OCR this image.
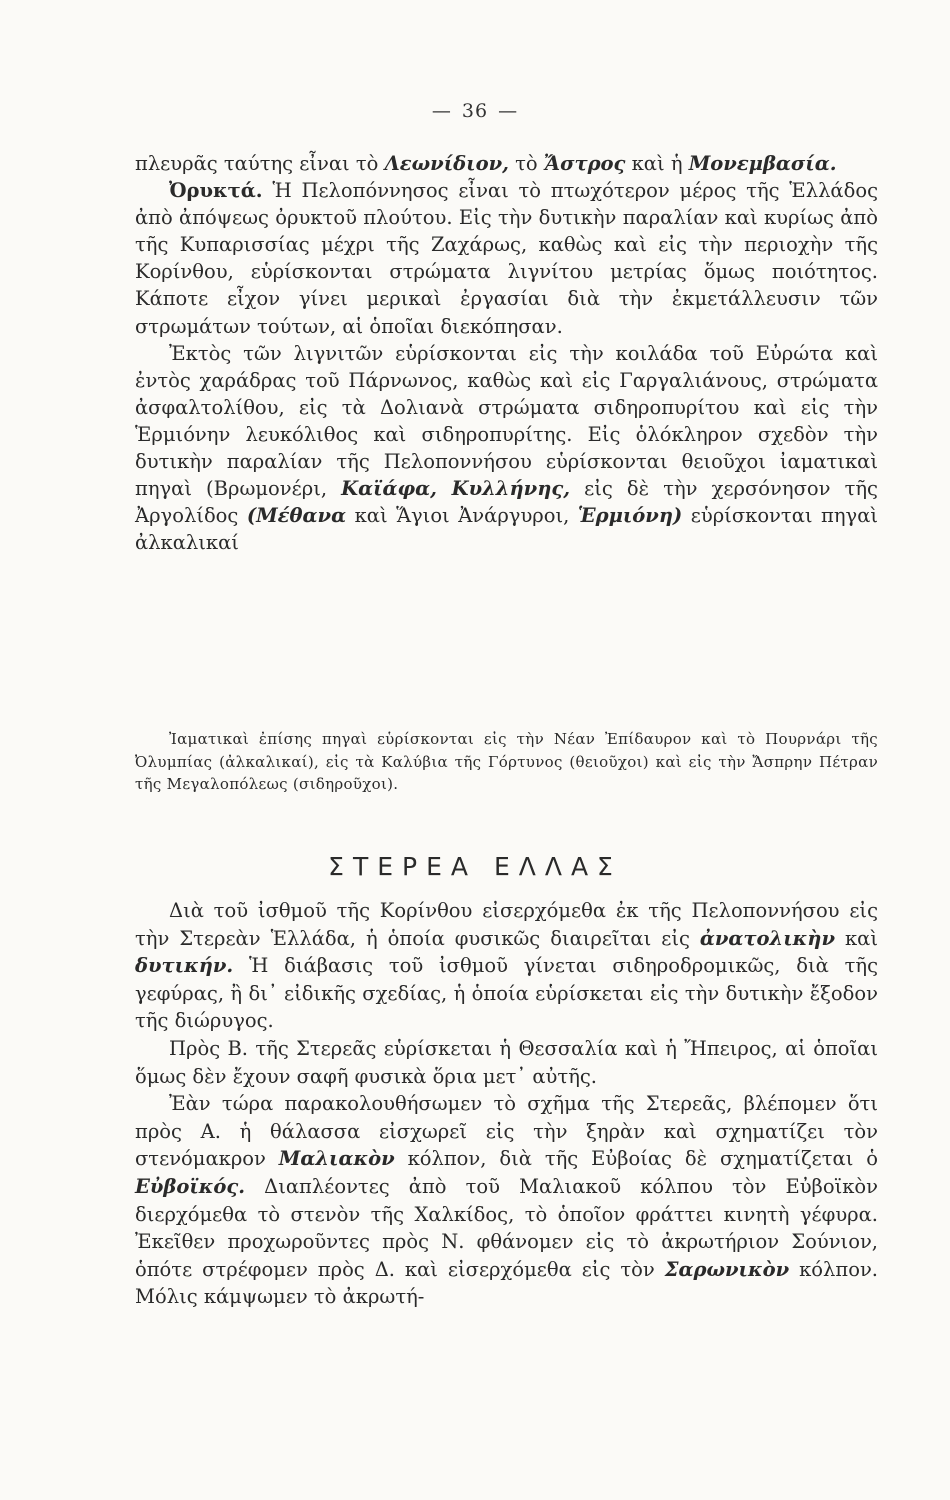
— 36 —

πλευρᾶς ταύτης εἶναι τὸ Λεωνίδιον, τὸ Ἄστρος καὶ ἡ Μονεμβασία.

Ὀρυκτά. Ἡ Πελοπόννησος εἶναι τὸ πτωχότερον μέρος τῆς Ἑλλάδος ἀπὸ ἀπόψεως ὀρυκτοῦ πλούτου. Εἰς τὴν δυτικὴν παραλίαν καὶ κυρίως ἀπὸ τῆς Κυπαρισσίας μέχρι τῆς Ζαχάρως, καθὼς καὶ εἰς τὴν περιοχὴν τῆς Κορίνθου, εὑρίσκονται στρώματα λιγνίτου μετρίας ὅμως ποιότητος. Κάποτε εἶχον γίνει μερικαὶ ἐργασίαι διὰ τὴν ἐκμετάλλευσιν τῶν στρωμάτων τούτων, αἱ ὁποῖαι διεκόπησαν.

Ἐκτὸς τῶν λιγνιτῶν εὑρίσκονται εἰς τὴν κοιλάδα τοῦ Εὐρώτα καὶ ἐντὸς χαράδρας τοῦ Πάρνωνος, καθὼς καὶ εἰς Γαργαλιάνους, στρώματα ἀσφαλτολίθου, εἰς τὰ Δολιανὰ στρώματα σιδηροπυρίτου καὶ εἰς τὴν Ἑρμιόνην λευκόλιθος καὶ σιδηροπυρίτης. Εἰς ὁλόκληρον σχεδὸν τὴν δυτικὴν παραλίαν τῆς Πελοποννήσου εὑρίσκονται θειοῦχοι ἰαματικαὶ πηγαὶ (Βρωμονέρι, Καϊάφα, Κυλλήνης, εἰς δὲ τὴν χερσόνησον τῆς Ἀργολίδος (Μέθανα καὶ Ἅγιοι Ἀνάργυροι, Ἑρμιόνη) εὑρίσκονται πηγαὶ ἀλκαλικαί

Ἰαματικαὶ ἐπίσης πηγαὶ εὑρίσκονται εἰς τὴν Νέαν Ἐπίδαυρον καὶ τὸ Πουρνάρι τῆς Ὀλυμπίας (ἀλκαλικαί), εἰς τὰ Καλύβια τῆς Γόρτυνος (θειοῦχοι) καὶ εἰς τὴν Ἄσπρην Πέτραν τῆς Μεγαλοπόλεως (σιδηροῦχοι).

ΣΤΕΡΕΑ ΕΛΛΑΣ

Διὰ τοῦ ἰσθμοῦ τῆς Κορίνθου εἰσερχόμεθα ἐκ τῆς Πελοποννήσου εἰς τὴν Στερεὰν Ἑλλάδα, ἡ ὁποία φυσικῶς διαιρεῖται εἰς ἀνατολικὴν καὶ δυτικήν. Ἡ διάβασις τοῦ ἰσθμοῦ γίνεται σιδηροδρομικῶς, διὰ τῆς γεφύρας, ἢ δι᾿ εἰδικῆς σχεδίας, ἡ ὁποία εὑρίσκεται εἰς τὴν δυτικὴν ἔξοδον τῆς διώρυγος.

Πρὸς Β. τῆς Στερεᾶς εὑρίσκεται ἡ Θεσσαλία καὶ ἡ Ἤπειρος, αἱ ὁποῖαι ὅμως δὲν ἔχουν σαφῆ φυσικὰ ὅρια μετ᾿ αὐτῆς.

Ἐὰν τώρα παρακολουθήσωμεν τὸ σχῆμα τῆς Στερεᾶς, βλέπομεν ὅτι πρὸς Α. ἡ θάλασσα εἰσχωρεῖ εἰς τὴν ξηρὰν καὶ σχηματίζει τὸν στενόμακρον Μαλιακὸν κόλπον, διὰ τῆς Εὐβοίας δὲ σχηματίζεται ὁ Εὐβοϊκός. Διαπλέοντες ἀπὸ τοῦ Μαλιακοῦ κόλπου τὸν Εὐβοϊκὸν διερχόμεθα τὸ στενὸν τῆς Χαλκίδος, τὸ ὁποῖον φράττει κινητὴ γέφυρα. Ἐκεῖθεν προχωροῦντες πρὸς Ν. φθάνομεν εἰς τὸ ἀκρωτήριον Σούνιον, ὁπότε στρέφομεν πρὸς Δ. καὶ εἰσερχόμεθα εἰς τὸν Σαρωνικὸν κόλπον. Μόλις κάμψωμεν τὸ ἀκρωτή-
